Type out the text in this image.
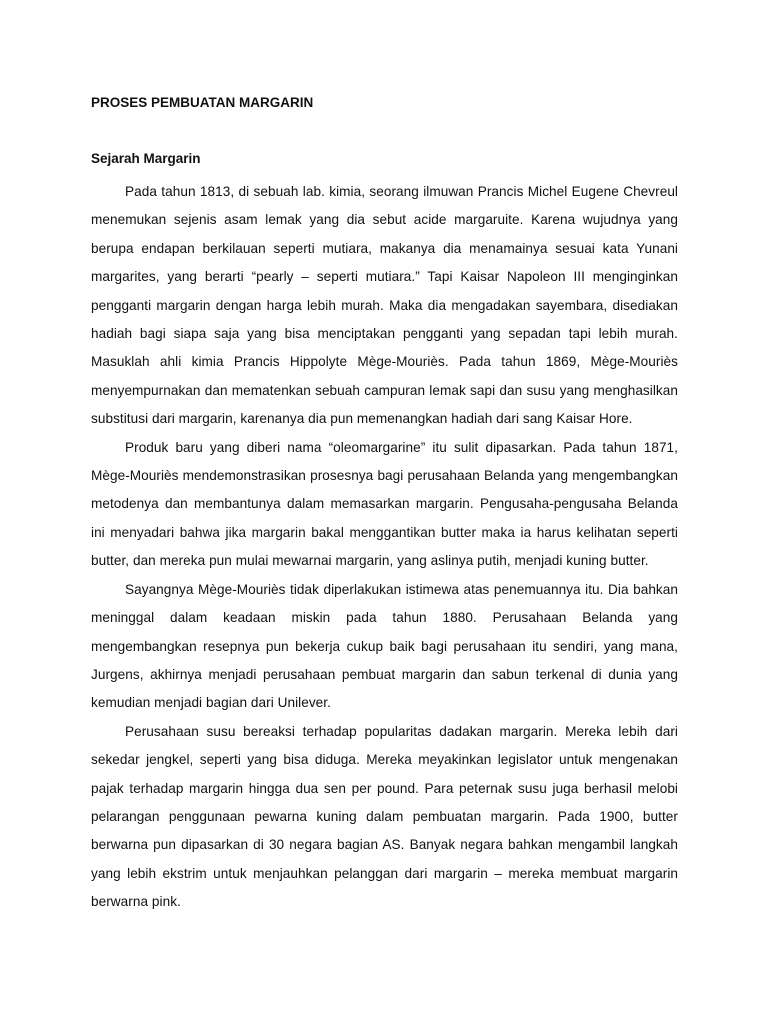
PROSES PEMBUATAN MARGARIN
Sejarah Margarin

Pada tahun 1813, di sebuah lab. kimia, seorang ilmuwan Prancis Michel Eugene Chevreul menemukan sejenis asam lemak yang dia sebut acide margaruite. Karena wujudnya yang berupa endapan berkilauan seperti mutiara, makanya dia menamainya sesuai kata Yunani margarites, yang berarti “pearly – seperti mutiara.” Tapi Kaisar Napoleon III menginginkan pengganti margarin dengan harga lebih murah. Maka dia mengadakan sayembara, disediakan hadiah bagi siapa saja yang bisa menciptakan pengganti yang sepadan tapi lebih murah. Masuklah ahli kimia Prancis Hippolyte Mège-Mouriès. Pada tahun 1869, Mège-Mouriès menyempurnakan dan mematenkan sebuah campuran lemak sapi dan susu yang menghasilkan substitusi dari margarin, karenanya dia pun memenangkan hadiah dari sang Kaisar Hore.

Produk baru yang diberi nama “oleomargarine” itu sulit dipasarkan. Pada tahun 1871, Mège-Mouriès mendemonstrasikan prosesnya bagi perusahaan Belanda yang mengembangkan metodenya dan membantunya dalam memasarkan margarin. Pengusaha-pengusaha Belanda ini menyadari bahwa jika margarin bakal menggantikan butter maka ia harus kelihatan seperti butter, dan mereka pun mulai mewarnai margarin, yang aslinya putih, menjadi kuning butter.

Sayangnya Mège-Mouriès tidak diperlakukan istimewa atas penemuannya itu. Dia bahkan meninggal dalam keadaan miskin pada tahun 1880. Perusahaan Belanda yang mengembangkan resepnya pun bekerja cukup baik bagi perusahaan itu sendiri, yang mana, Jurgens, akhirnya menjadi perusahaan pembuat margarin dan sabun terkenal di dunia yang kemudian menjadi bagian dari Unilever.

Perusahaan susu bereaksi terhadap popularitas dadakan margarin. Mereka lebih dari sekedar jengkel, seperti yang bisa diduga. Mereka meyakinkan legislator untuk mengenakan pajak terhadap margarin hingga dua sen per pound. Para peternak susu juga berhasil melobi pelarangan penggunaan pewarna kuning dalam pembuatan margarin. Pada 1900, butter berwarna pun dipasarkan di 30 negara bagian AS. Banyak negara bahkan mengambil langkah yang lebih ekstrim untuk menjauhkan pelanggan dari margarin – mereka membuat margarin berwarna pink.
